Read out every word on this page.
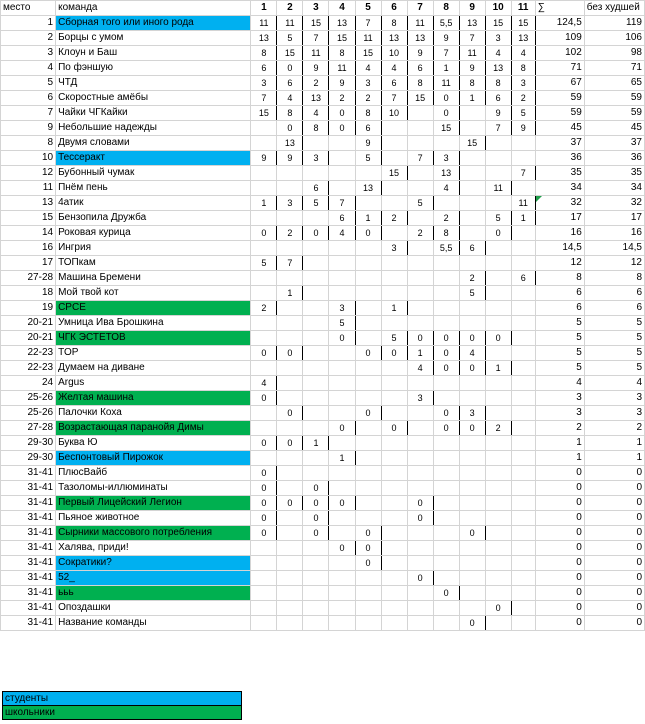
место	команда	1	2	3	4	5	6	7	8	9	10	11	∑	без худшей
1	Сборная того или иного рода	11	11	15	13	7	8	11	5,5	13	15	15	124,5	119
2	Борцы с умом	13	5	7	15	11	13	13	9	7	3	13	109	106
3	Клоун и Баш	8	15	11	8	15	10	9	7	11	4	4	102	98
4	По фэншую	6	0	9	11	4	4	6	1	9	13	8	71	71
5	ЧТД	3	6	2	9	3	6	8	11	8	8	3	67	65
6	Скоростные амёбы	7	4	13	2	2	7	15	0	1	6	2	59	59
7	Чайки ЧГКайки	15	8	4	0	8	10		0		9	5	59	59
9	Небольшие надежды		0	8	0	6			15		7	9	45	45
8	Двумя словами		13			9				15			37	37
10	Тессеракт	9	9	3		5		7	3				36	36
12	Бубонный чумак						15		13			7	35	35
11	Пнём пень			6		13			4		11		34	34
13	4атик	1	3	5	7			5				11	32	32
15	Бензопила Дружба				6	1	2		2		5	1	17	17
14	Роковая курица	0	2	0	4	0		2	8		0		16	16
16	Ингрия						3		5,5	6			14,5	14,5
17	ТОПкам	5	7										12	12
27-28	Машина Бремени									2		6	8	8
18	Мой твой кот		1							5			6	6
19	CPCE	2			3		1						6	6
20-21	Умница Ива Брошкина				5								5	5
20-21	ЧГК ЭСТЕТОВ				0		5	0	0	0	0		5	5
22-23	TOP	0	0			0	0	1	0	4			5	5
22-23	Думаем на диване							4	0	0	1		5	5
24	Argus	4											4	4
25-26	Желтая машина	0						3					3	3
25-26	Палочки Коха		0			0			0	3			3	3
27-28	Возрастающая паранойя Димы				0		0		0	0	2		2	2
29-30	Буква Ю	0	0	1									1	1
29-30	Беспонтовый Пирожок				1								1	1
31-41	ПлюсВайб	0											0	0
31-41	Тазоломы-иллюминаты	0		0									0	0
31-41	Первый Лицейский Легион	0	0	0	0			0					0	0
31-41	Пьяное животное	0		0				0					0	0
31-41	Сырники массового потребления	0		0		0				0			0	0
31-41	Халява, приди!				0	0							0	0
31-41	Сократики?					0							0	0
31-41	52_							0					0	0
31-41	ььь								0				0	0
31-41	Опоздашки										0		0	0
31-41	Название команды									0			0	0
студенты
школьники
